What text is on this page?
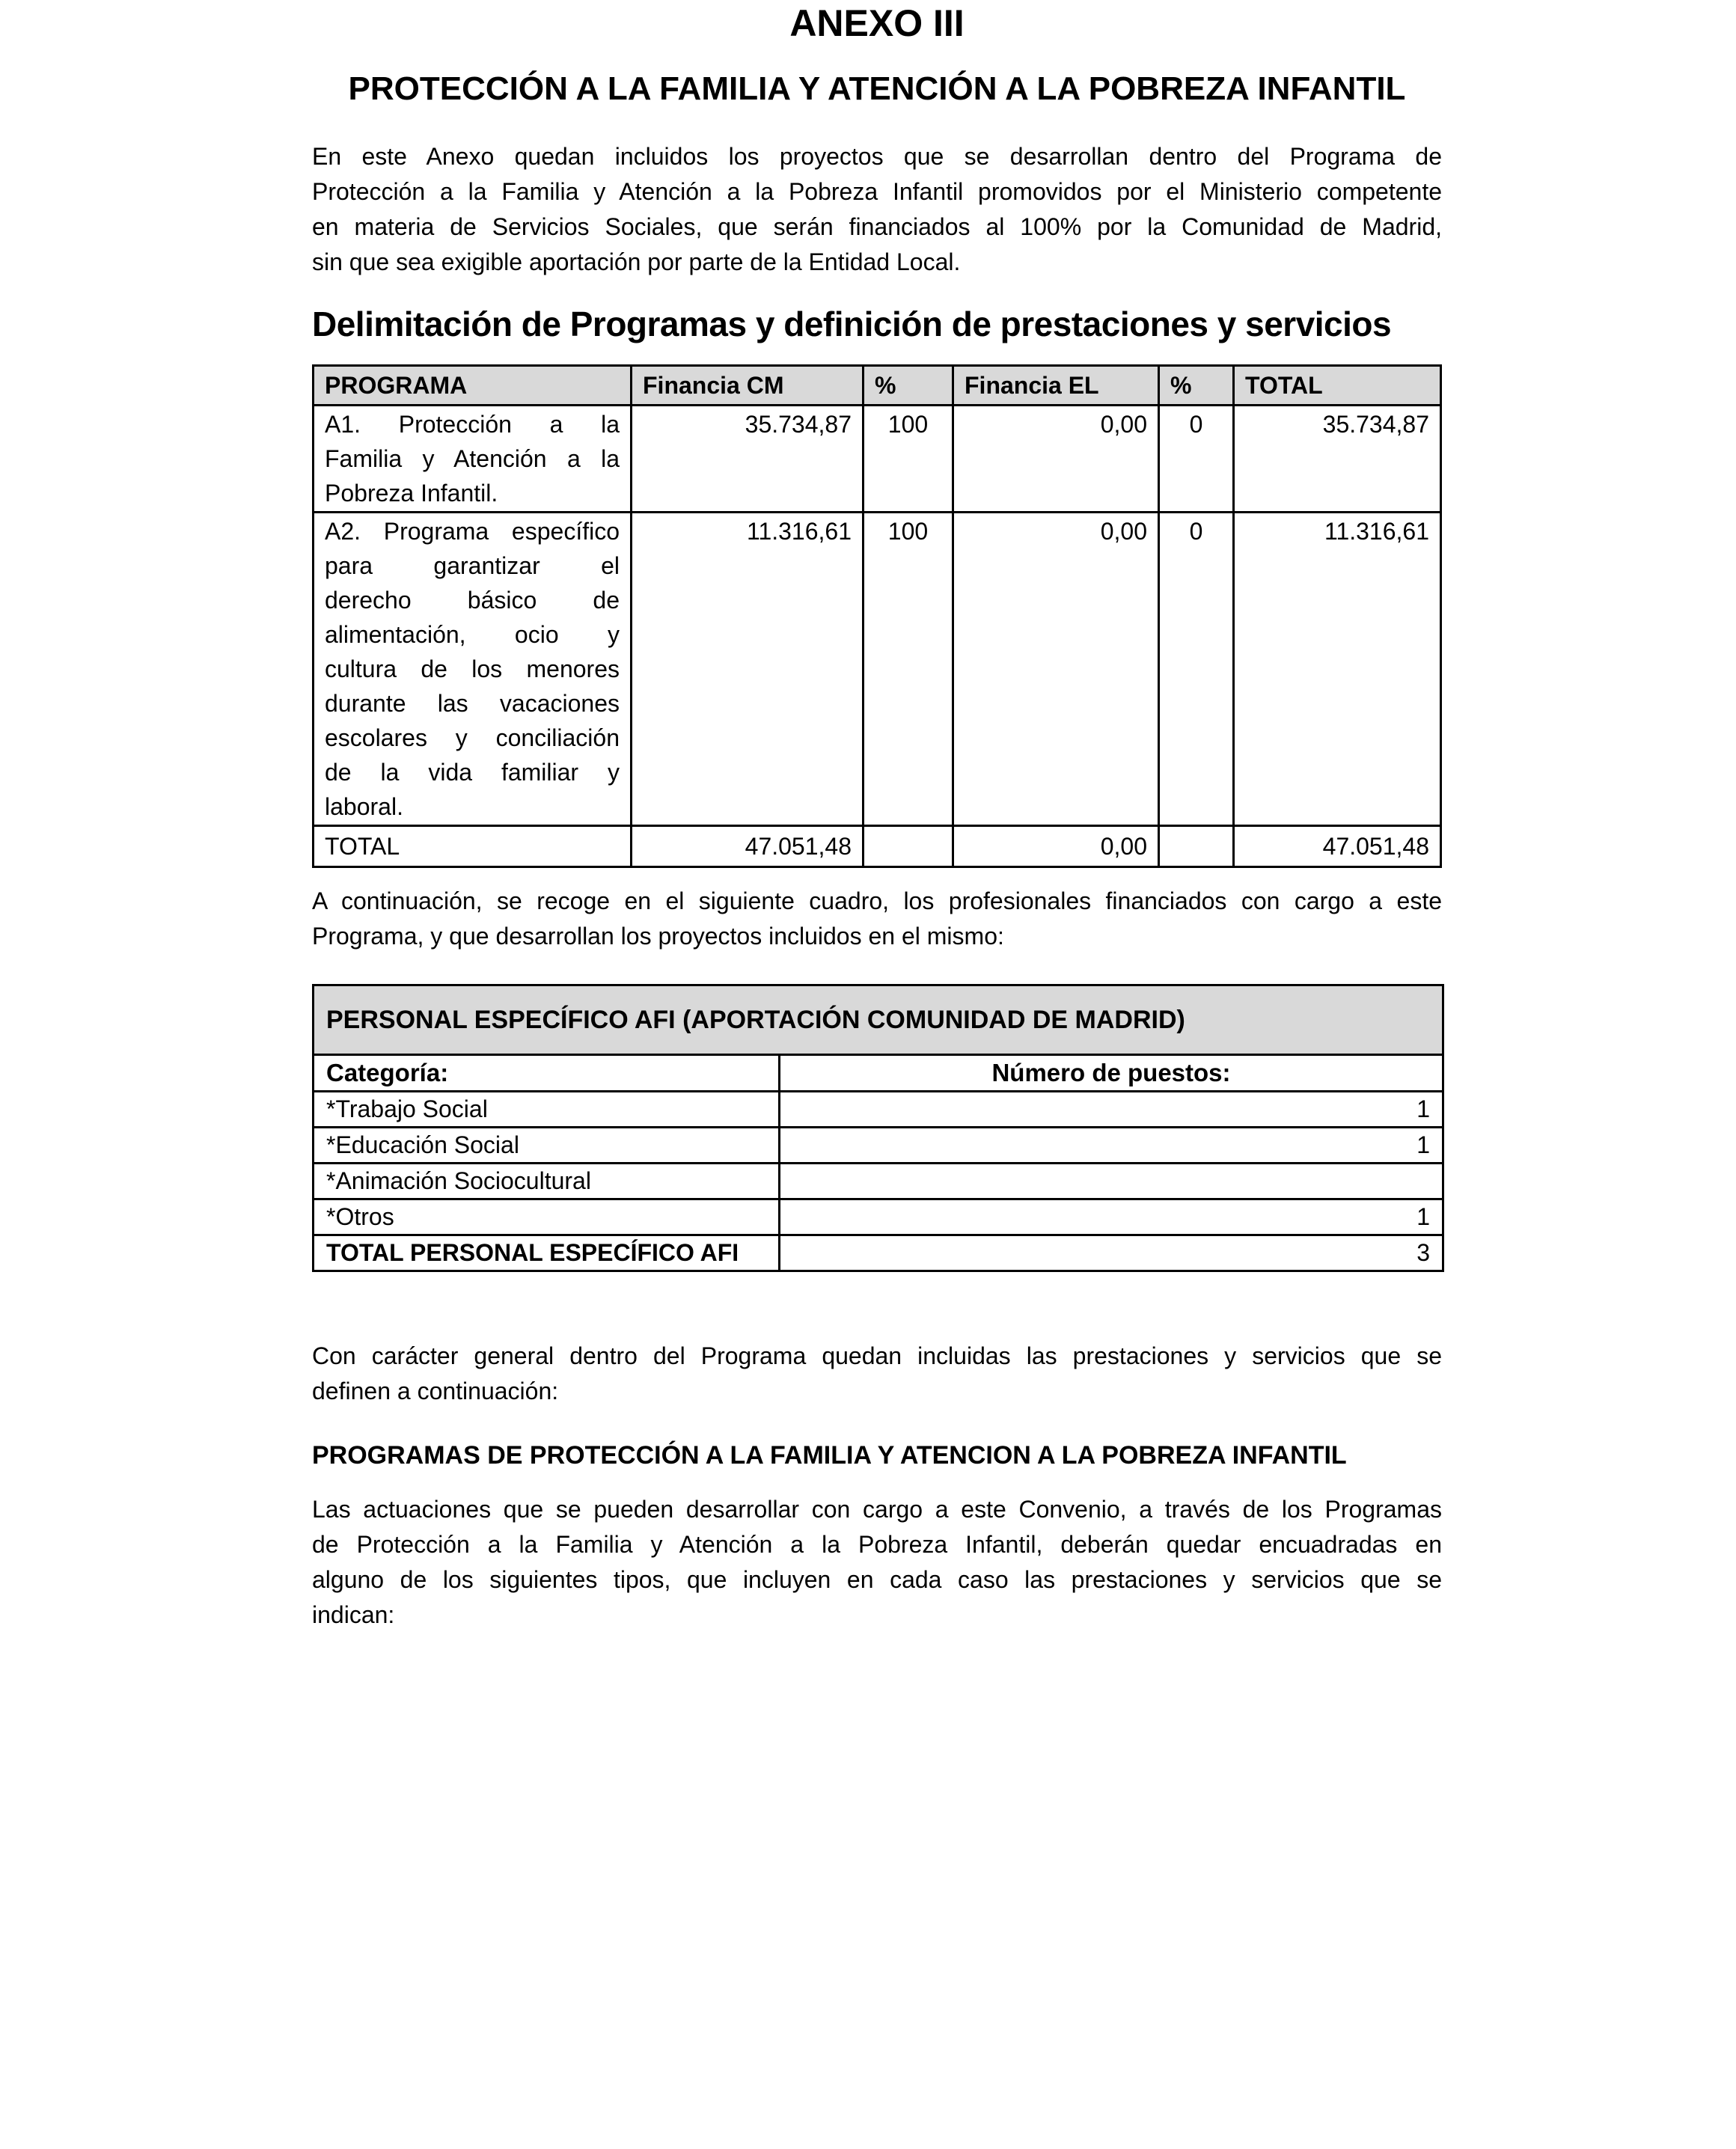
ANEXO III
PROTECCIÓN A LA FAMILIA Y ATENCIÓN A LA POBREZA INFANTIL
En este Anexo quedan incluidos los proyectos que se desarrollan dentro del Programa de
Protección a la Familia y Atención a la Pobreza Infantil promovidos por el Ministerio competente
en materia de Servicios Sociales, que serán financiados al 100% por la Comunidad de Madrid,
sin que sea exigible aportación por parte de la Entidad Local.
Delimitación de Programas y definición de prestaciones y servicios
PROGRAMA	Financia CM	%	Financia EL	%	TOTAL

A1. Protección a la
Familia y Atención a la
Pobreza Infantil.	35.734,87	100	0,00	0	35.734,87

A2. Programa específico
para garantizar el
derecho básico de
alimentación, ocio y
cultura de los menores
durante las vacaciones
escolares y conciliación
de la vida familiar y
laboral.
	11.316,61	100	0,00	0	11.316,61
TOTAL	47.051,48		0,00		47.051,48
A continuación, se recoge en el siguiente cuadro, los profesionales financiados con cargo a este
Programa, y que desarrollan los proyectos incluidos en el mismo:
PERSONAL ESPECÍFICO AFI (APORTACIÓN COMUNIDAD DE MADRID)	
Categoría:	Número de puestos:
*Trabajo Social	1
*Educación Social	1
*Animación Sociocultural	
*Otros	1
TOTAL PERSONAL ESPECÍFICO AFI	3
Con carácter general dentro del Programa quedan incluidas las prestaciones y servicios que se
definen a continuación:
PROGRAMAS DE PROTECCIÓN A LA FAMILIA Y ATENCION A LA POBREZA INFANTIL
Las actuaciones que se pueden desarrollar con cargo a este Convenio, a través de los Programas
de Protección a la Familia y Atención a la Pobreza Infantil, deberán quedar encuadradas en
alguno de los siguientes tipos, que incluyen en cada caso las prestaciones y servicios que se
indican:
